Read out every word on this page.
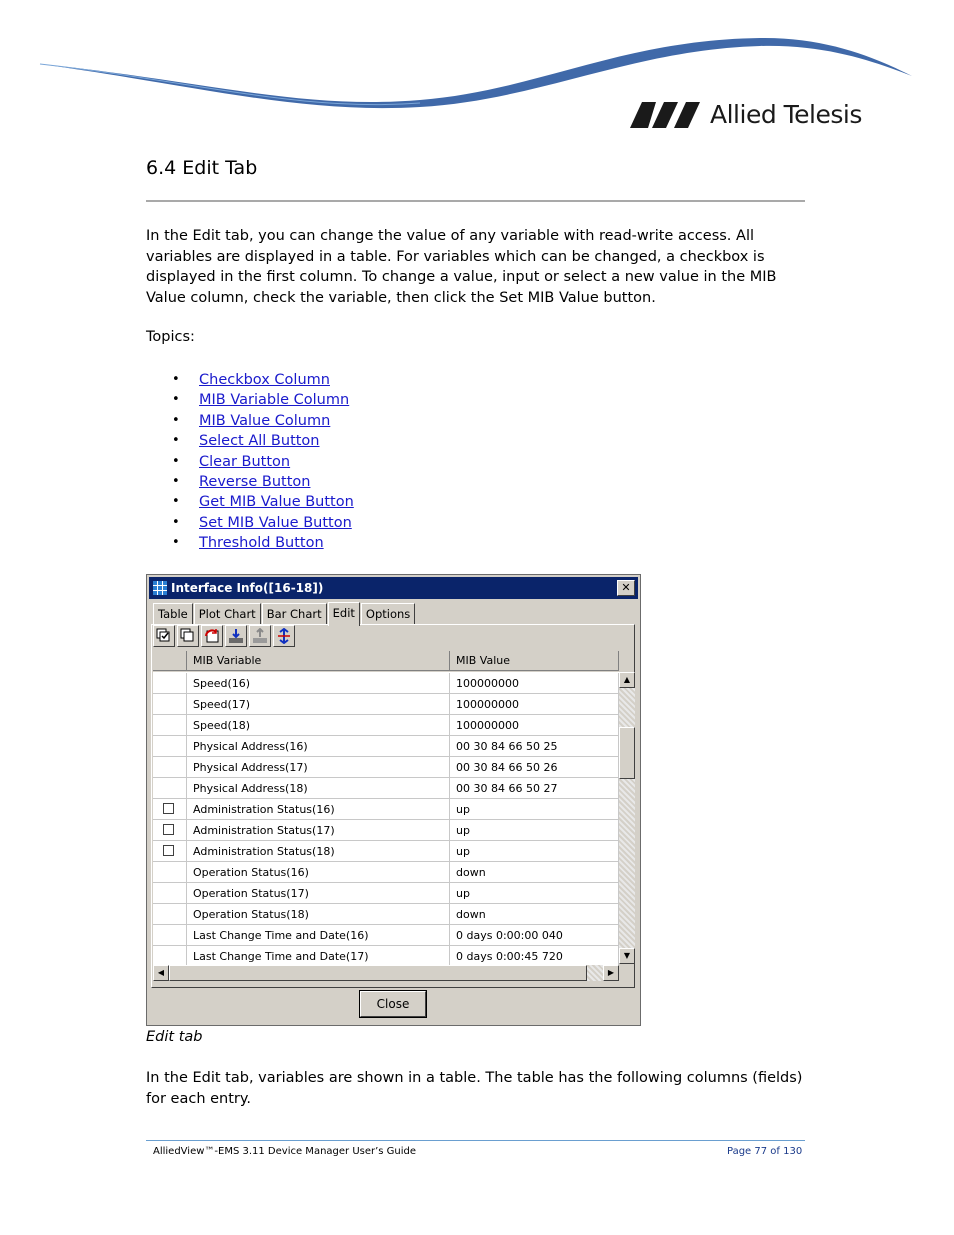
Allied Telesis
6.4 Edit Tab

In the Edit tab, you can change the value of any variable with read-write access. All variables are displayed in a table. For variables which can be changed, a checkbox is displayed in the first column. To change a value, input or select a new value in the MIB Value column, check the variable, then click the Set MIB Value button.

Topics:
• Checkbox Column
• MIB Variable Column
• MIB Value Column
• Select All Button
• Clear Button
• Reverse Button
• Get MIB Value Button
• Set MIB Value Button
• Threshold Button
Interface Info([16-18])	✕
Table Plot Chart Bar Chart Edit Options
MIB Variable	MIB Value
Speed(16)	100000000
Speed(17)	100000000
Speed(18)	100000000
Physical Address(16)	00 30 84 66 50 25
Physical Address(17)	00 30 84 66 50 26
Physical Address(18)	00 30 84 66 50 27
Administration Status(16)	up
Administration Status(17)	up
Administration Status(18)	up
Operation Status(16)	down
Operation Status(17)	up
Operation Status(18)	down
Last Change Time and Date(16)	0 days 0:00:00 040
Last Change Time and Date(17)	0 days 0:00:45 720
▲
▼
◀	▶
Close
Edit tab

In the Edit tab, variables are shown in a table. The table has the following columns (fields) for each entry.

AlliedView™-EMS 3.11 Device Manager User’s Guide	Page 77 of 130
